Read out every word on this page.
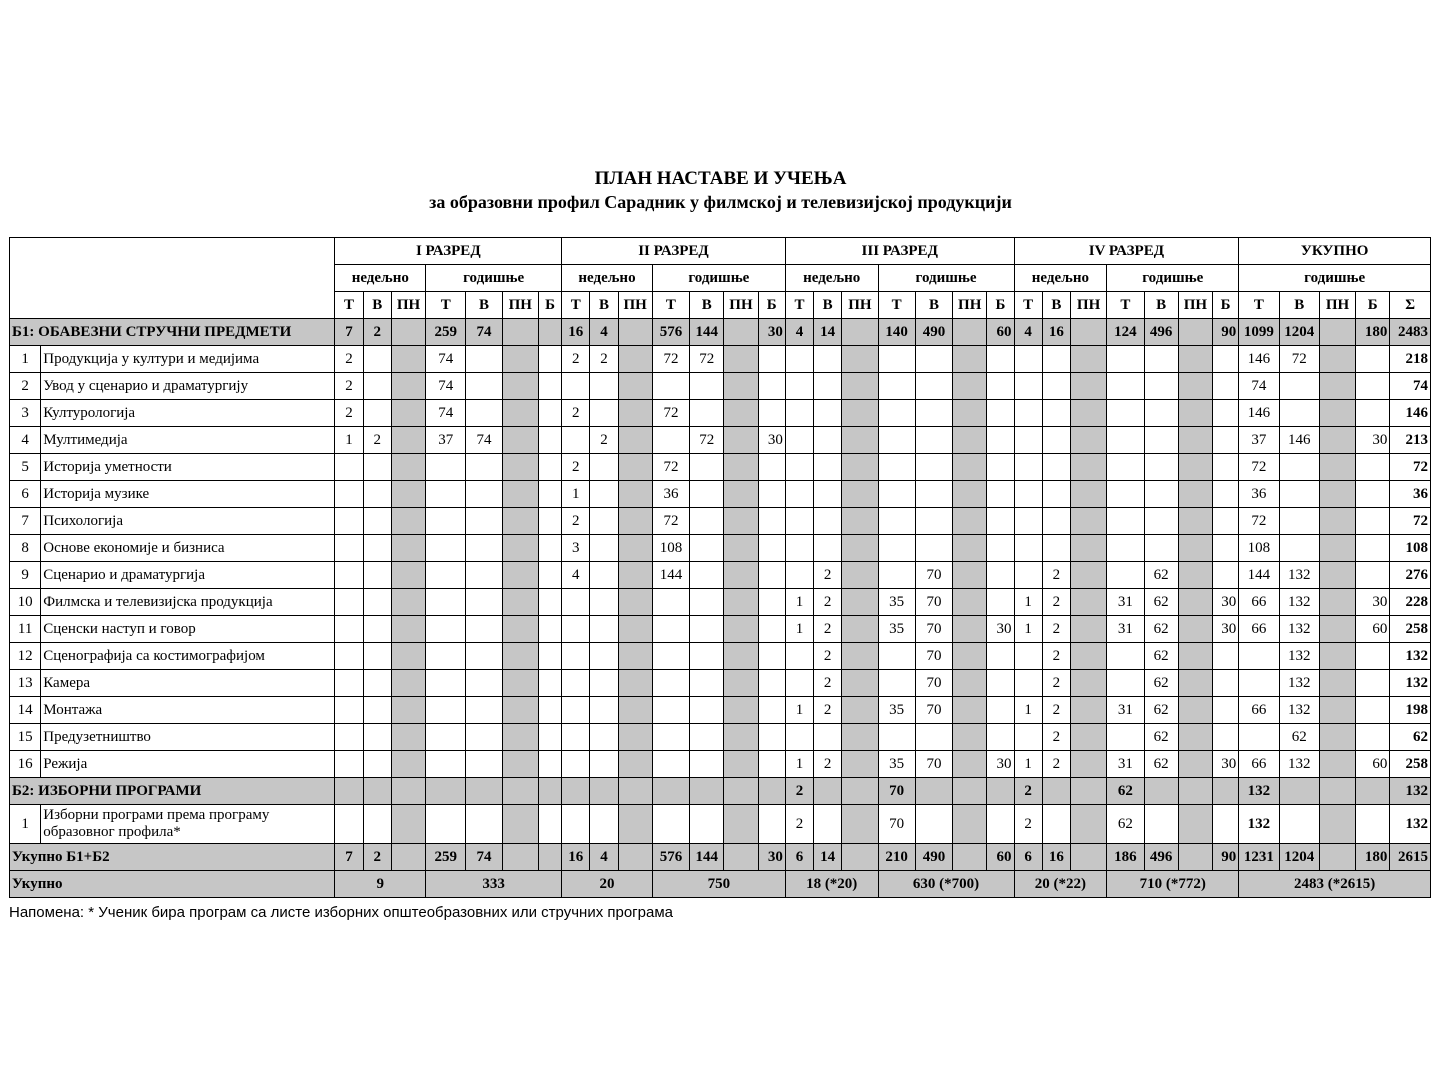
ПЛАН НАСТАВЕ И УЧЕЊА
за образовни профил Сарадник у филмској и телевизијској продукцији
		I РАЗРЕД							II РАЗРЕД							III РАЗРЕД							IV РАЗРЕД							УКУПНО				
		недељно			годишње				недељно			годишње				недељно			годишње				недељно			годишње				годишње				
		Т	В	ПН	Т	В	ПН	Б	Т	В	ПН	Т	В	ПН	Б	Т	В	ПН	Т	В	ПН	Б	Т	В	ПН	Т	В	ПН	Б	Т	В	ПН	Б	Σ
Б1: ОБАВЕЗНИ СТРУЧНИ ПРЕДМЕТИ		7	2		259	74			16	4		576	144		30	4	14		140	490		60	4	16		124	496		90	1099	1204		180	2483
1	Продукција у култури и медијима	2			74				2	2		72	72																	146	72			218
2	Увод у сценарио и драматургију	2			74																									74				74
3	Културологија	2			74				2			72																		146				146
4	Мултимедија	1	2		37	74				2			72		30															37	146		30	213
5	Историја уметности								2			72																		72				72
6	Историја музике								1			36																		36				36
7	Психологија								2			72																		72				72
8	Основе економије и бизниса								3			108																		108				108
9	Сценарио и драматургија								4			144					2			70				2			62			144	132			276
10	Филмска и телевизијска продукција															1	2		35	70			1	2		31	62		30	66	132		30	228
11	Сценски наступ и говор															1	2		35	70		30	1	2		31	62		30	66	132		60	258
12	Сценографија са костимографијом																2			70				2			62				132			132
13	Камера																2			70				2			62				132			132
14	Монтажа															1	2		35	70			1	2		31	62			66	132			198
15	Предузетништво																							2			62				62			62
16	Режија															1	2		35	70		30	1	2		31	62		30	66	132		60	258
Б2: ИЗБОРНИ ПРОГРАМИ																2			70				2			62				132				132
1	Изборни програми према програму образовног профила*															2			70				2			62				132				132
Укупно Б1+Б2		7	2		259	74			16	4		576	144		30	6	14		210	490		60	6	16		186	496		90	1231	1204		180	2615
Укупно		9			333				20			750				18 (*20)			630 (*700)				20 (*22)			710 (*772)				2483 (*2615)				
Напомена: * Ученик бира програм са листе изборних општеобразовних или стручних програма
